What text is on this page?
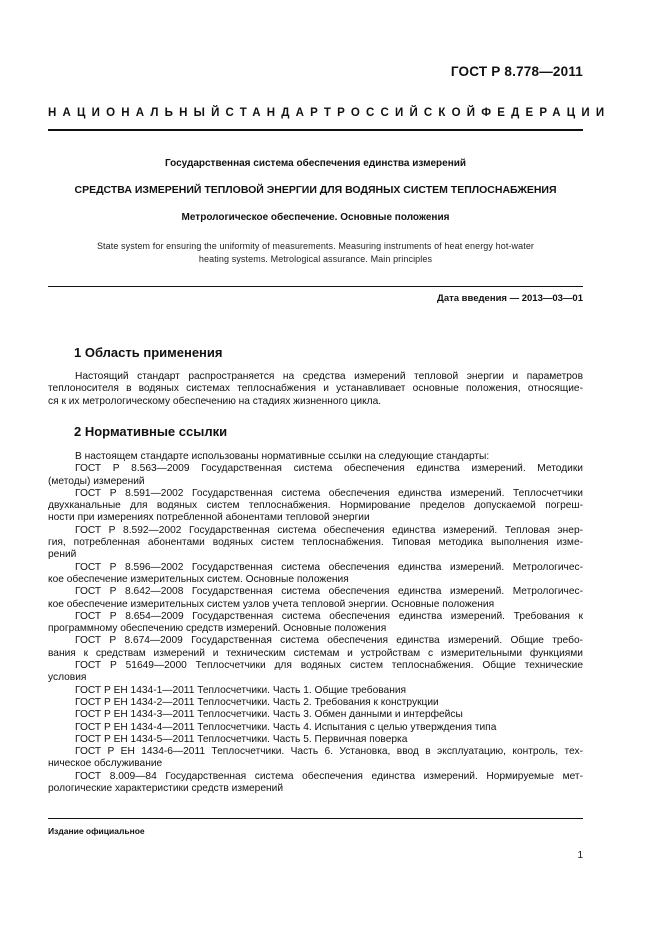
ГОСТ Р 8.778—2011
НАЦИОНАЛЬНЫЙ СТАНДАРТ РОССИЙСКОЙ ФЕДЕРАЦИИ
Государственная система обеспечения единства измерений
СРЕДСТВА ИЗМЕРЕНИЙ ТЕПЛОВОЙ ЭНЕРГИИ ДЛЯ ВОДЯНЫХ СИСТЕМ ТЕПЛОСНАБЖЕНИЯ
Метрологическое обеспечение. Основные положения
State system for ensuring the uniformity of measurements. Measuring instruments of heat energy hot-water
heating systems. Metrological assurance. Main principles
Дата введения — 2013—03—01
1 Область применения
Настоящий стандарт распространяется на средства измерений тепловой энергии и параметров
теплоносителя в водяных системах теплоснабжения и устанавливает основные положения, относящие-
ся к их метрологическому обеспечению на стадиях жизненного цикла.
2 Нормативные ссылки
В настоящем стандарте использованы нормативные ссылки на следующие стандарты:
ГОСТ Р 8.563—2009 Государственная система обеспечения единства измерений. Методики
(методы) измерений
ГОСТ Р 8.591—2002 Государственная система обеспечения единства измерений. Теплосчетчики
двухканальные для водяных систем теплоснабжения. Нормирование пределов допускаемой погреш-
ности при измерениях потребленной абонентами тепловой энергии
ГОСТ Р 8.592—2002 Государственная система обеспечения единства измерений. Тепловая энер-
гия, потребленная абонентами водяных систем теплоснабжения. Типовая методика выполнения изме-
рений
ГОСТ Р 8.596—2002 Государственная система обеспечения единства измерений. Метрологичес-
кое обеспечение измерительных систем. Основные положения
ГОСТ Р 8.642—2008 Государственная система обеспечения единства измерений. Метрологичес-
кое обеспечение измерительных систем узлов учета тепловой энергии. Основные положения
ГОСТ Р 8.654—2009 Государственная система обеспечения единства измерений. Требования к
программному обеспечению средств измерений. Основные положения
ГОСТ Р 8.674—2009 Государственная система обеспечения единства измерений. Общие требо-
вания к средствам измерений и техническим системам и устройствам с измерительными функциями
ГОСТ Р 51649—2000 Теплосчетчики для водяных систем теплоснабжения. Общие технические
условия
ГОСТ Р ЕН 1434-1—2011 Теплосчетчики. Часть 1. Общие требования
ГОСТ Р ЕН 1434-2—2011 Теплосчетчики. Часть 2. Требования к конструкции
ГОСТ Р ЕН 1434-3—2011 Теплосчетчики. Часть 3. Обмен данными и интерфейсы
ГОСТ Р ЕН 1434-4—2011 Теплосчетчики. Часть 4. Испытания с целью утверждения типа
ГОСТ Р ЕН 1434-5—2011 Теплосчетчики. Часть 5. Первичная поверка
ГОСТ Р ЕН 1434-6—2011 Теплосчетчики. Часть 6. Установка, ввод в эксплуатацию, контроль, тех-
ническое обслуживание
ГОСТ 8.009—84 Государственная система обеспечения единства измерений. Нормируемые мет-
рологические характеристики средств измерений
Издание официальное
1
